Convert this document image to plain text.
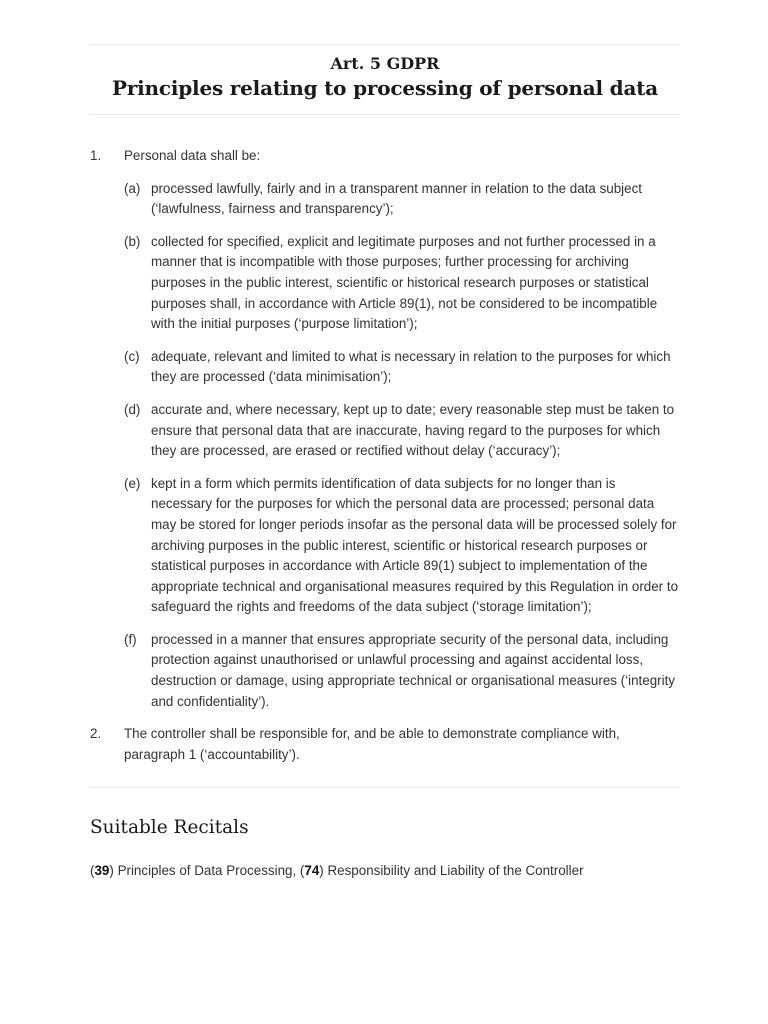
Art. 5 GDPR
Principles relating to processing of personal data
1. Personal data shall be:
(a) processed lawfully, fairly and in a transparent manner in relation to the data subject (‘lawfulness, fairness and transparency’);
(b) collected for specified, explicit and legitimate purposes and not further processed in a manner that is incompatible with those purposes; further processing for archiving purposes in the public interest, scientific or historical research purposes or statistical purposes shall, in accordance with Article 89(1), not be considered to be incompatible with the initial purposes (‘purpose limitation’);
(c) adequate, relevant and limited to what is necessary in relation to the purposes for which they are processed (‘data minimisation’);
(d) accurate and, where necessary, kept up to date; every reasonable step must be taken to ensure that personal data that are inaccurate, having regard to the purposes for which they are processed, are erased or rectified without delay (‘accuracy’);
(e) kept in a form which permits identification of data subjects for no longer than is necessary for the purposes for which the personal data are processed; personal data may be stored for longer periods insofar as the personal data will be processed solely for archiving purposes in the public interest, scientific or historical research purposes or statistical purposes in accordance with Article 89(1) subject to implementation of the appropriate technical and organisational measures required by this Regulation in order to safeguard the rights and freedoms of the data subject (‘storage limitation’);
(f) processed in a manner that ensures appropriate security of the personal data, including protection against unauthorised or unlawful processing and against accidental loss, destruction or damage, using appropriate technical or organisational measures (‘integrity and confidentiality’).
2. The controller shall be responsible for, and be able to demonstrate compliance with, paragraph 1 (‘accountability’).
Suitable Recitals
(39) Principles of Data Processing, (74) Responsibility and Liability of the Controller
